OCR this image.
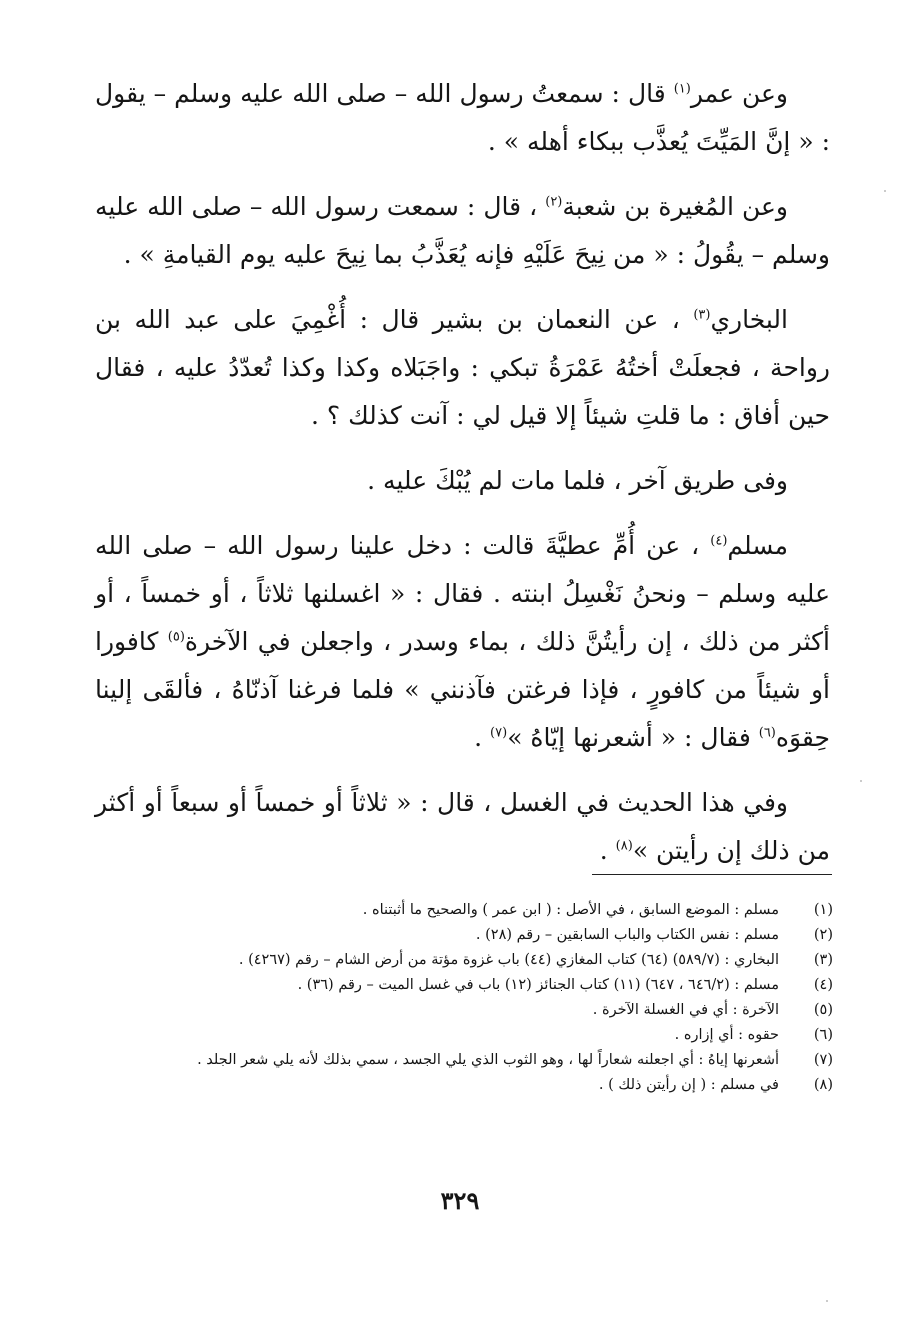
وعن عمر$^{(١)}$ قال : سمعتُ رسول الله – صلى الله عليه وسلم – يقول : « إنَّ المَيِّتَ يُعذَّب ببكاء أهله » .

وعن المُغيرة بن شعبة$^{(٢)}$ ، قال : سمعت رسول الله – صلى الله عليه وسلم – يقُولُ : « من نِيحَ عَلَيْهِ فإنه يُعَذَّبُ بما نِيحَ عليه يوم القيامةِ » .

البخاري$^{(٣)}$ ، عن النعمان بن بشير قال : أُغْمِيَ على عبد الله بن رواحة ، فجعلَتْ أختُهُ عَمْرَةُ تبكي : واجَبَلاه وكذا وكذا تُعدّدُ عليه ، فقال حين أفاق : ما قلتِ شيئاً إلا قيل لي : آنت كذلك ؟ .

وفى طريق آخر ، فلما مات لم يُبْكَ عليه .

مسلم$^{(٤)}$ ، عن أُمِّ عطيَّةَ قالت : دخل علينا رسول الله – صلى الله عليه وسلم – ونحنُ نَغْسِلُ ابنته . فقال : « اغسلنها ثلاثاً ، أو خمساً ، أو أكثر من ذلك ، إن رأيتُنَّ ذلك ، بماء وسدر ، واجعلن في الآخرة$^{(٥)}$ كافورا أو شيئاً من كافورٍ ، فإذا فرغتن فآذنني » فلما فرغنا آذنّاهُ ، فألقَى إلينا حِقوَه$^{(٦)}$ فقال : « أشعرنها إيّاهُ »$^{(٧)}$ .

وفي هذا الحديث في الغسل ، قال : « ثلاثاً أو خمساً أو سبعاً أو أكثر من ذلك إن رأيتن »$^{(٨)}$ .

(١)
مسلم : الموضع السابق ، في الأصل : ( ابن عمر ) والصحيح ما أثبتناه .
(٢)
مسلم : نفس الكتاب والباب السابقين – رقم (٢٨) .
(٣)
البخاري : (٥٨٩/٧) (٦٤) كتاب المغازي (٤٤) باب غزوة مؤتة من أرض الشام – رقم (٤٢٦٧) .
(٤)
مسلم : (٦٤٦/٢ ، ٦٤٧) (١١) كتاب الجنائز (١٢) باب في غسل الميت – رقم (٣٦) .
(٥)
الآخرة : أي في الغسلة الآخرة .
(٦)
حقوه : أي إزاره .
(٧)
أشعرنها إياهُ : أي اجعلنه شعاراً لها ، وهو الثوب الذي يلي الجسد ، سمي بذلك لأنه يلي شعر الجلد .
(٨)
في مسلم : ( إن رأيتن ذلك ) .
٣٢٩
